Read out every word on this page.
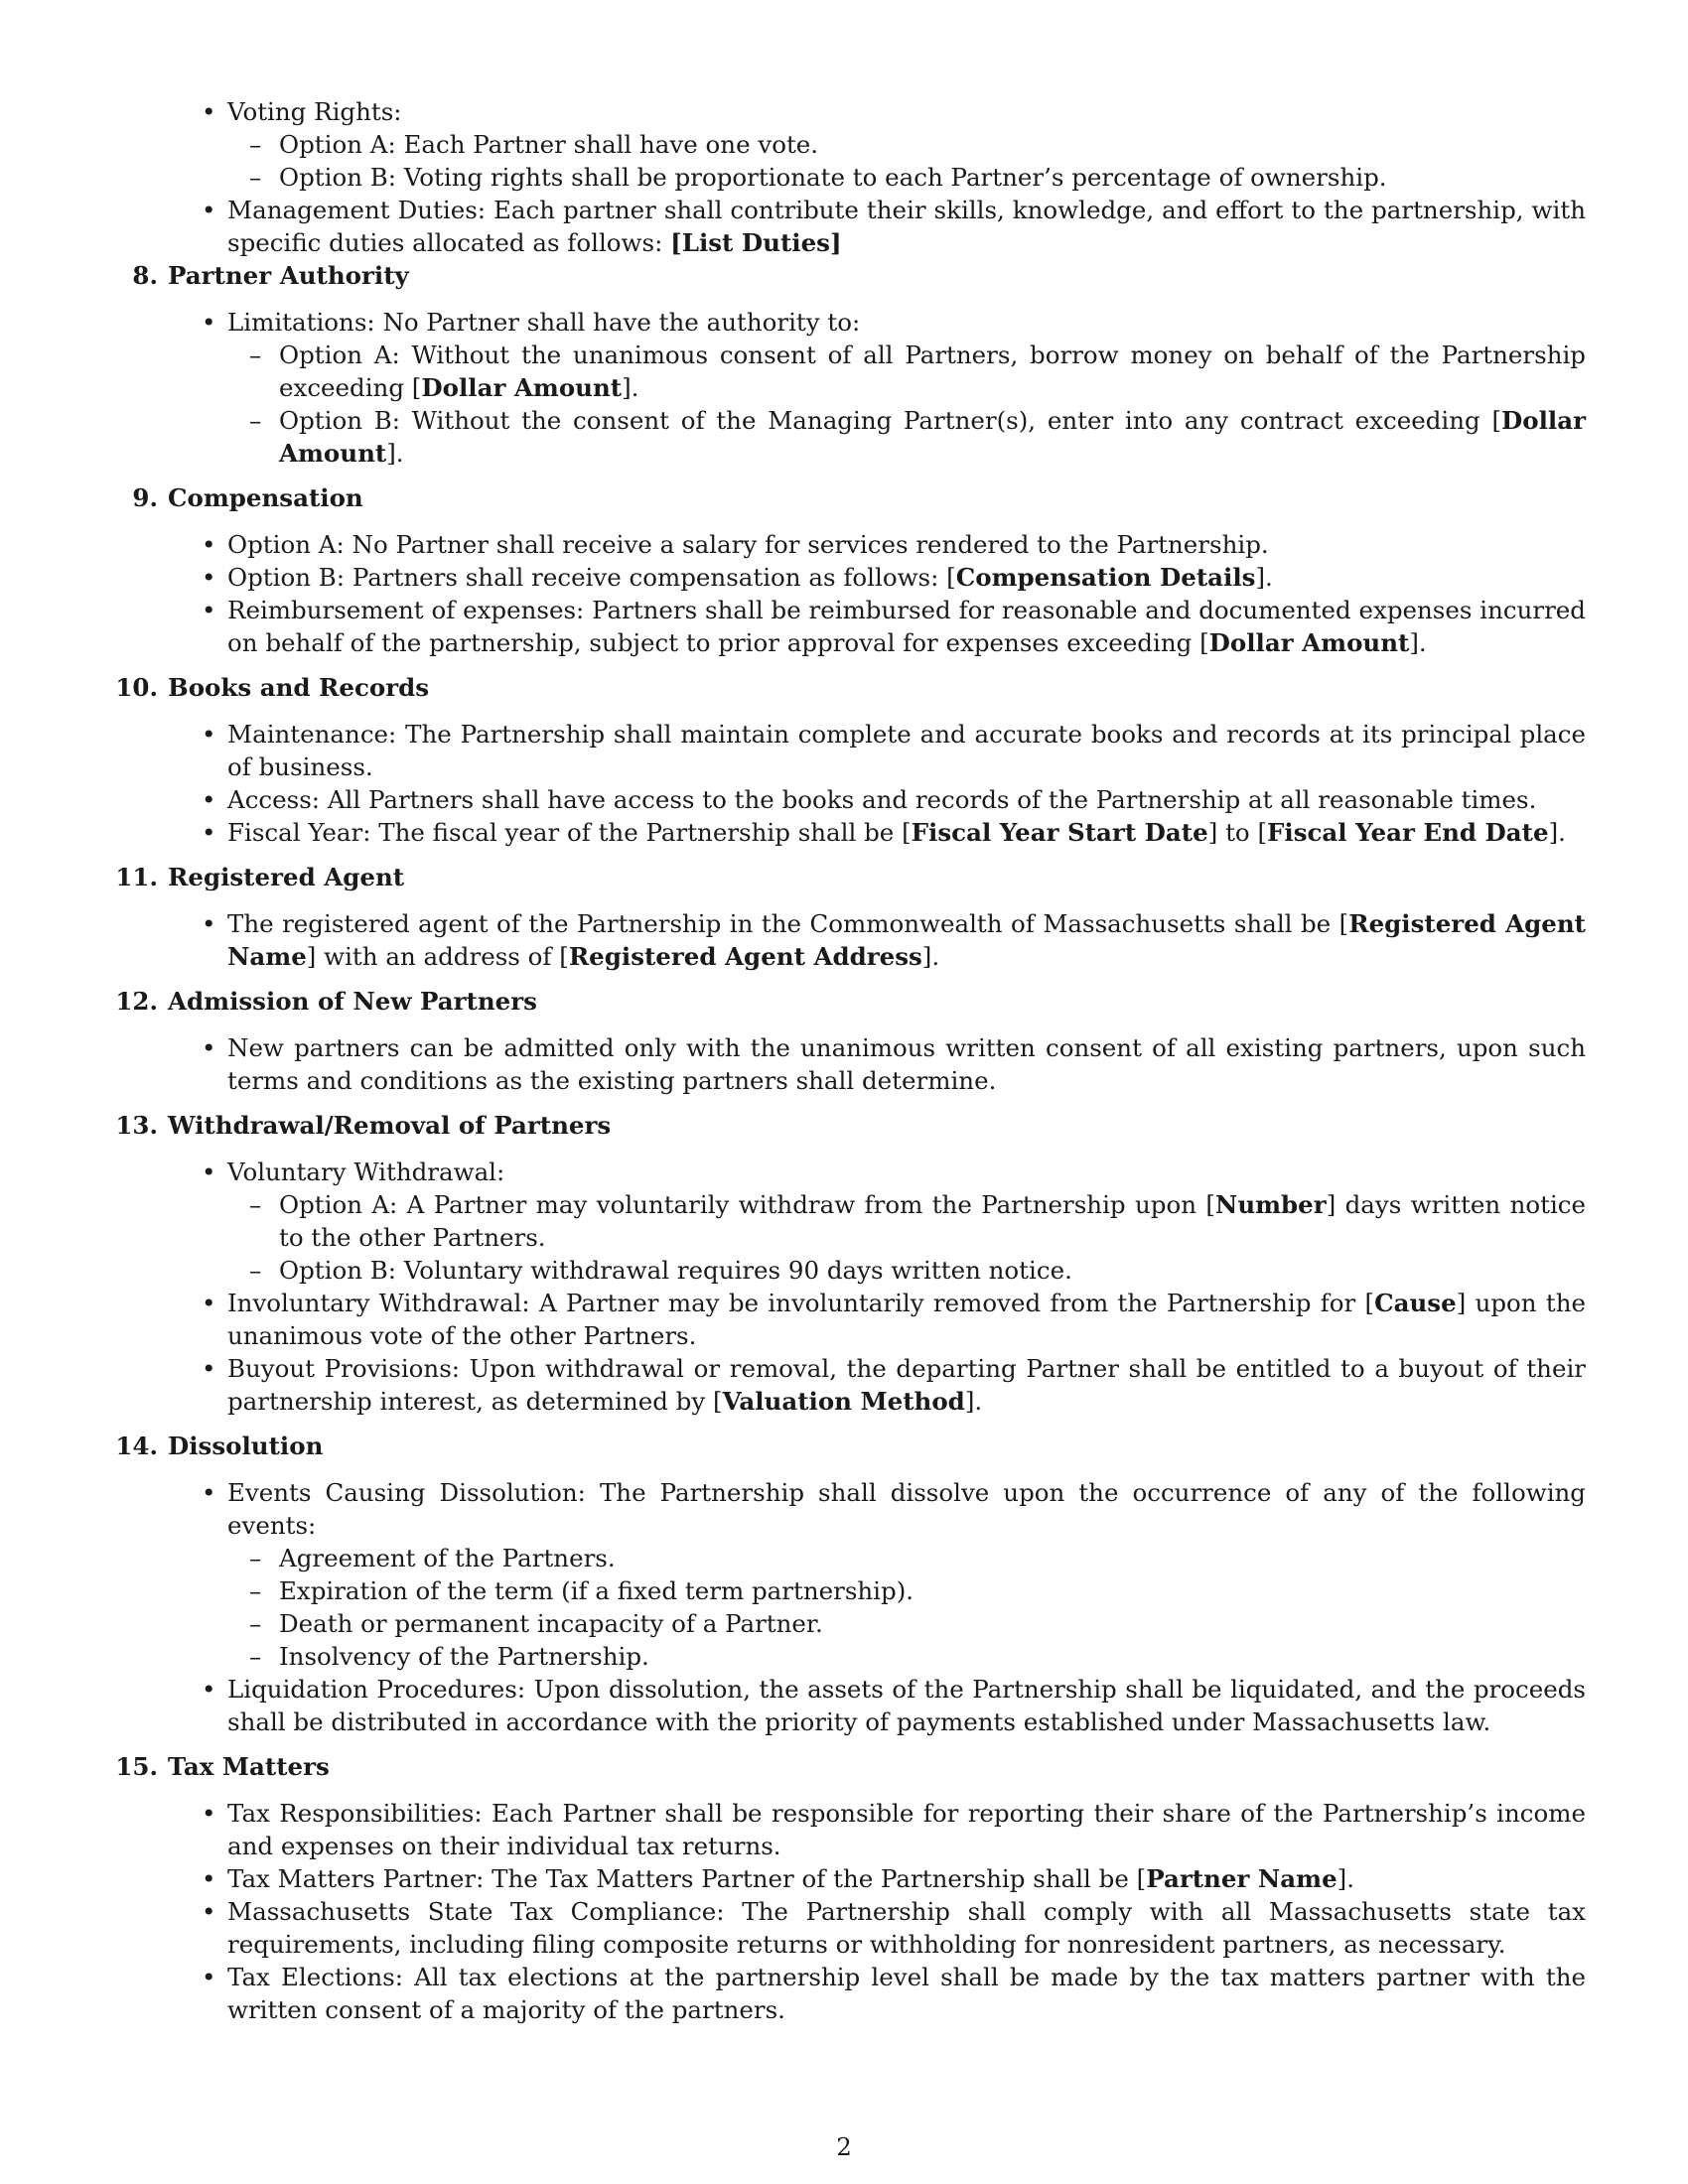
• Voting Rights:
– Option A: Each Partner shall have one vote.
– Option B: Voting rights shall be proportionate to each Partner’s percentage of ownership.
• Management Duties: Each partner shall contribute their skills, knowledge, and effort to the partnership, with specific duties allocated as follows: [List Duties]
8. Partner Authority
• Limitations: No Partner shall have the authority to:
– Option A: Without the unanimous consent of all Partners, borrow money on behalf of the Partnership exceeding [Dollar Amount].
– Option B: Without the consent of the Managing Partner(s), enter into any contract exceeding [Dollar Amount].
9. Compensation
• Option A: No Partner shall receive a salary for services rendered to the Partnership.
• Option B: Partners shall receive compensation as follows: [Compensation Details].
• Reimbursement of expenses: Partners shall be reimbursed for reasonable and documented expenses incurred on behalf of the partnership, subject to prior approval for expenses exceeding [Dollar Amount].
10. Books and Records
• Maintenance: The Partnership shall maintain complete and accurate books and records at its principal place of business.
• Access: All Partners shall have access to the books and records of the Partnership at all reasonable times.
• Fiscal Year: The fiscal year of the Partnership shall be [Fiscal Year Start Date] to [Fiscal Year End Date].
11. Registered Agent
• The registered agent of the Partnership in the Commonwealth of Massachusetts shall be [Registered Agent Name] with an address of [Registered Agent Address].
12. Admission of New Partners
• New partners can be admitted only with the unanimous written consent of all existing partners, upon such terms and conditions as the existing partners shall determine.
13. Withdrawal/Removal of Partners
• Voluntary Withdrawal:
– Option A: A Partner may voluntarily withdraw from the Partnership upon [Number] days written notice to the other Partners.
– Option B: Voluntary withdrawal requires 90 days written notice.
• Involuntary Withdrawal: A Partner may be involuntarily removed from the Partnership for [Cause] upon the unanimous vote of the other Partners.
• Buyout Provisions: Upon withdrawal or removal, the departing Partner shall be entitled to a buyout of their partnership interest, as determined by [Valuation Method].
14. Dissolution
• Events Causing Dissolution: The Partnership shall dissolve upon the occurrence of any of the following events:
– Agreement of the Partners.
– Expiration of the term (if a fixed term partnership).
– Death or permanent incapacity of a Partner.
– Insolvency of the Partnership.
• Liquidation Procedures: Upon dissolution, the assets of the Partnership shall be liquidated, and the proceeds shall be distributed in accordance with the priority of payments established under Massachusetts law.
15. Tax Matters
• Tax Responsibilities: Each Partner shall be responsible for reporting their share of the Partnership’s income and expenses on their individual tax returns.
• Tax Matters Partner: The Tax Matters Partner of the Partnership shall be [Partner Name].
• Massachusetts State Tax Compliance: The Partnership shall comply with all Massachusetts state tax requirements, including filing composite returns or withholding for nonresident partners, as necessary.
• Tax Elections: All tax elections at the partnership level shall be made by the tax matters partner with the written consent of a majority of the partners.
2
